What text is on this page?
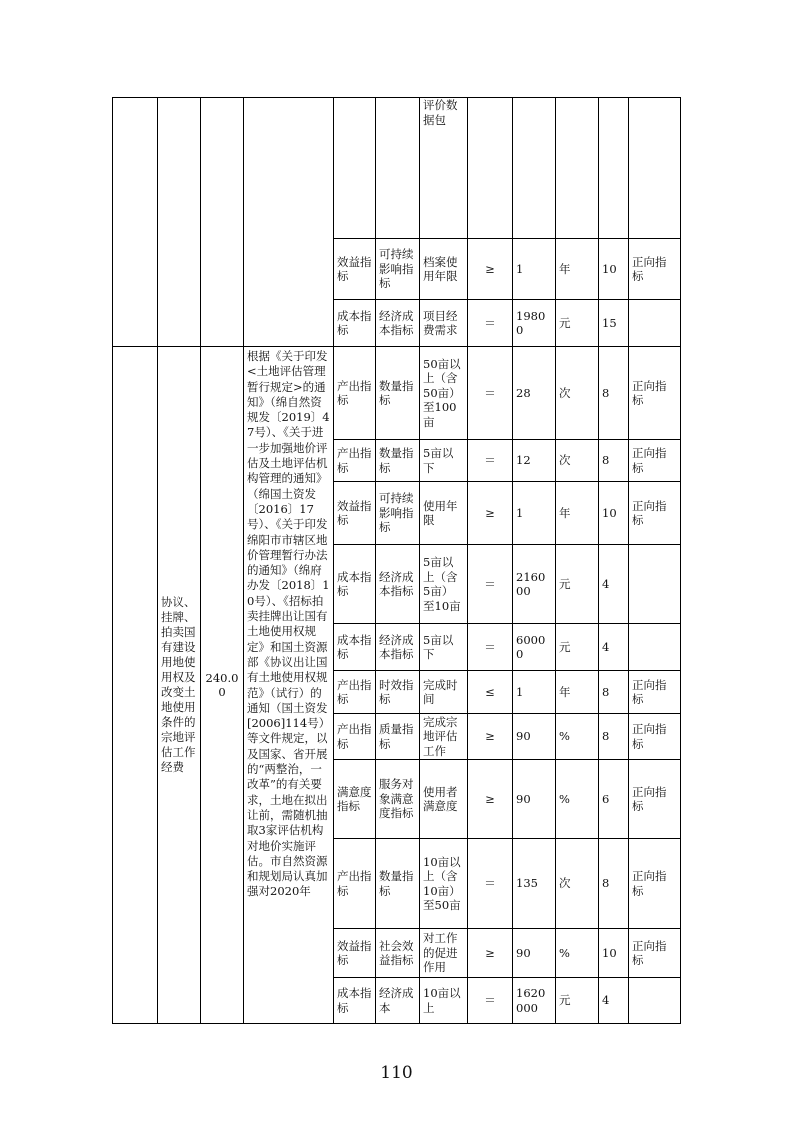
						评价数据包					
				效益指标	可持续影响指标	档案使用年限	≥	1	年	10	正向指标
				成本指标	经济成本指标	项目经费需求	＝	19800	元	15	
	协议、挂牌、拍卖国有建设用地使用权及改变土地使用条件的宗地评估工作经费	240.00	根据《关于印发<土地评估管理暂行规定>的通知》（绵自然资规发〔2019〕47号）、《关于进一步加强地价评估及土地评估机构管理的通知》（绵国土资发〔2016〕17号）、《关于印发绵阳市市辖区地价管理暂行办法的通知》（绵府办发〔2018〕10号）、《招标拍卖挂牌出让国有土地使用权规定》和国土资源部《协议出让国有土地使用权规范》（试行）的通知（国土资发[2006]114号）等文件规定，以及国家、省开展的“两整治，一改革”的有关要求，土地在拟出让前，需随机抽取3家评估机构对地价实施评估。市自然资源和规划局认真加强对2020年	产出指标	数量指标	50亩以上（含50亩）至100亩	＝	28	次	8	正向指标
				产出指标	数量指标	5亩以下	＝	12	次	8	正向指标
				效益指标	可持续影响指标	使用年限	≥	1	年	10	正向指标
				成本指标	经济成本指标	5亩以上（含5亩）至10亩	＝	216000	元	4	
				成本指标	经济成本指标	5亩以下	＝	60000	元	4	
				产出指标	时效指标	完成时间	≤	1	年	8	正向指标
				产出指标	质量指标	完成宗地评估工作	≥	90	%	8	正向指标
				满意度指标	服务对象满意度指标	使用者满意度	≥	90	%	6	正向指标
				产出指标	数量指标	10亩以上（含10亩）至50亩	＝	135	次	8	正向指标
				效益指标	社会效益指标	对工作的促进作用	≥	90	%	10	正向指标
				成本指标	经济成本	10亩以上	＝	1620000	元	4	
110
